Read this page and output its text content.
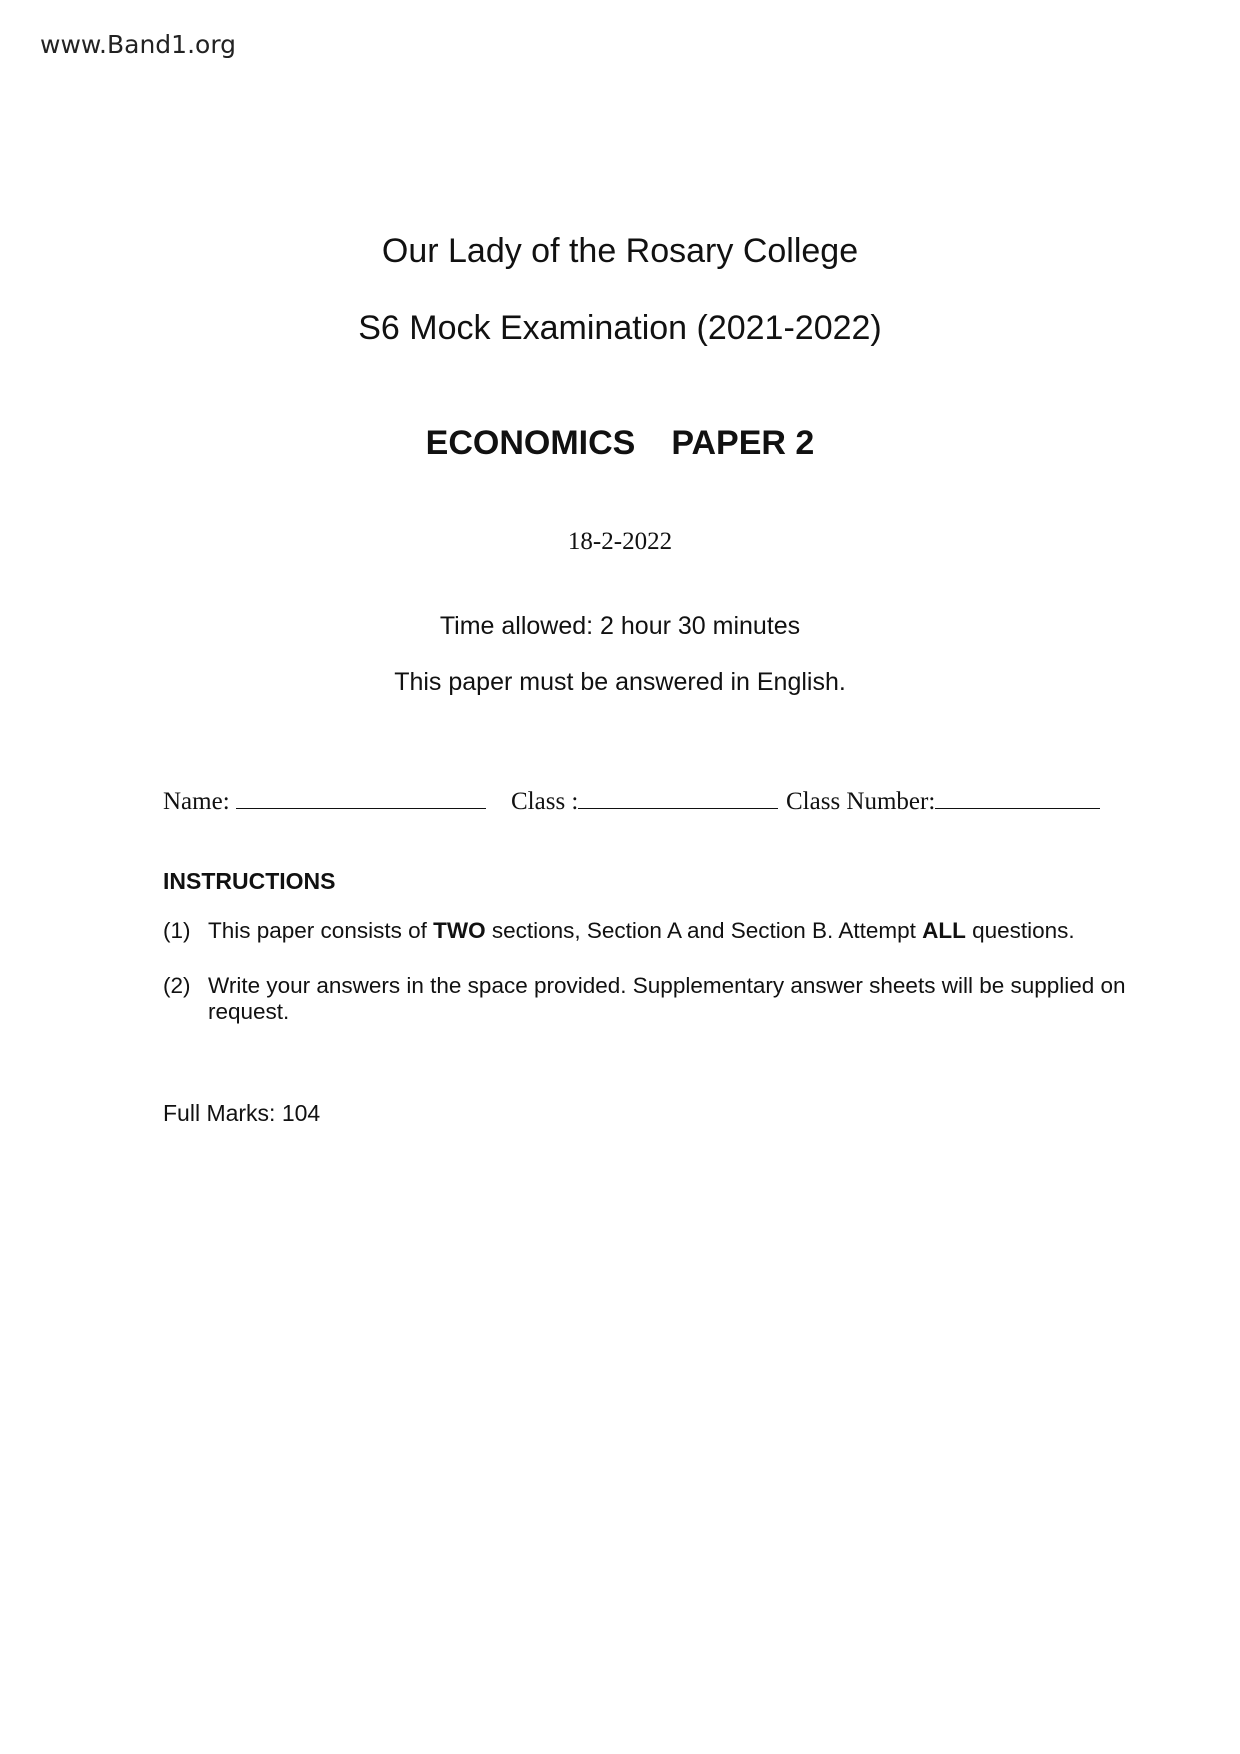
www.Band1.org
Our Lady of the Rosary College
S6 Mock Examination (2021-2022)
ECONOMICS PAPER 2
18-2-2022
Time allowed: 2 hour 30 minutes
This paper must be answered in English.
Name:	Class :	Class Number:
INSTRUCTIONS
(1) This paper consists of TWO sections, Section A and Section B. Attempt ALL questions.
(2) Write your answers in the space provided. Supplementary answer sheets will be supplied on request.
Full Marks: 104
